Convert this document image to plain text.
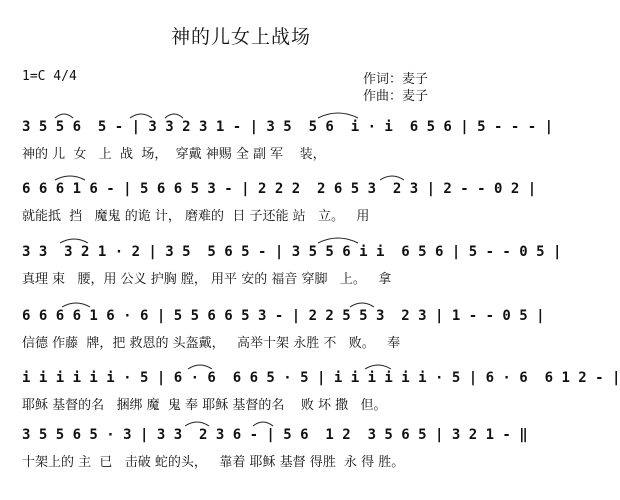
神的儿女上战场
1=C 4/4	作词：麦子
作曲：麦子
3 5 5 6  5 - | 3 3 2 3 1 - | 3 5  5 6  i · i  6 5 6 | 5 - - - |
神的 儿  女   上  战  场，  穿戴 神赐 全 副 军    装，
6 6 6 1 6 - | 5 6 6 5 3 - | 2 2 2  2 6 5 3  2 3 | 2 - - 0 2 |
就能抵  挡   魔鬼 的诡 计， 磨难的  日 子还能 站   立。   用
3 3  3 2 1 · 2 | 3 5  5 6 5 - | 3 5 5 6 i i  6 5 6 | 5 - - 0 5 |
真理 束   腰，用 公义 护胸 膛， 用平 安的 福音 穿脚   上。   拿
6 6 6 6 1 6 · 6 | 5 5 6 6 5 3 - | 2 2 5 5 3  2 3 | 1 - - 0 5 |
信德 作藤  牌，把 救恩的 头盔戴，   高举十架 永胜 不   败。   奉
i i i i i i · 5 | 6 · 6  6 6 5 · 5 | i i i i i i · 5 | 6 · 6  6 1 2 - |
耶稣 基督的名   捆绑 魔  鬼 奉 耶稣 基督的名    败 坏 撒   但。
3 5 5 6 5 · 3 | 3 3  2 3 6 - | 5 6  1 2  3 5 6 5 | 3 2 1 - ‖
十架上的 主  已   击破 蛇的头，   靠着 耶稣 基督 得胜  永 得 胜。
